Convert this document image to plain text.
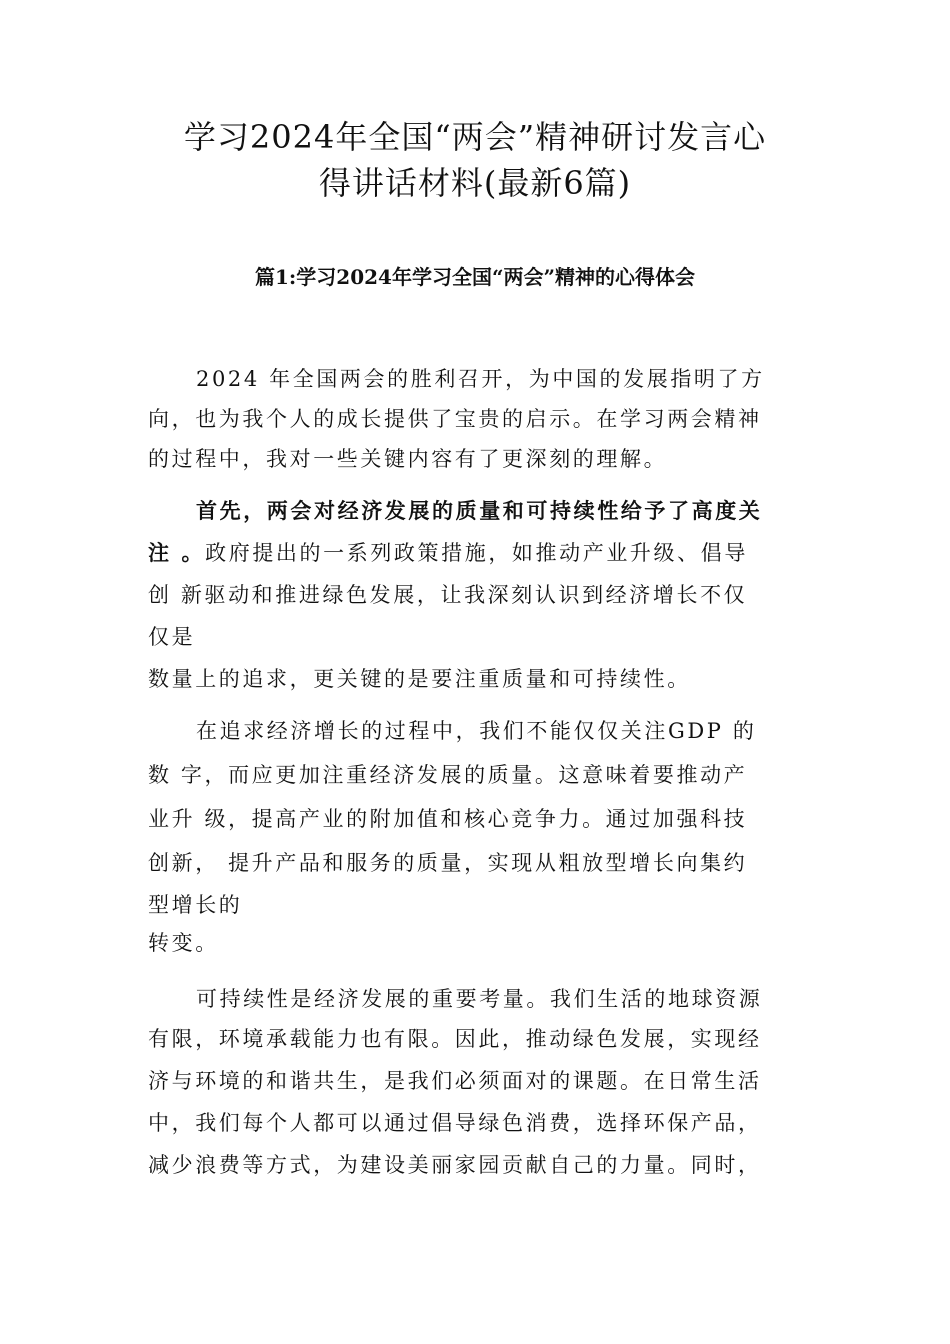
学习2024年全国“两会”精神研讨发言心
得讲话材料(最新6篇)
篇1:学习2024年学习全国“两会”精神的心得体会
2024 年全国两会的胜利召开，为中国的发展指明了方
向，也为我个人的成长提供了宝贵的启示。在学习两会精神
的过程中，我对一些关键内容有了更深刻的理解。
首先，两会对经济发展的质量和可持续性给予了高度关
注 。政府提出的一系列政策措施，如推动产业升级、倡导
创 新驱动和推进绿色发展，让我深刻认识到经济增长不仅
仅是
数量上的追求，更关键的是要注重质量和可持续性。
在追求经济增长的过程中，我们不能仅仅关注GDP 的
数 字，而应更加注重经济发展的质量。这意味着要推动产
业升 级，提高产业的附加值和核心竞争力。通过加强科技
创新， 提升产品和服务的质量，实现从粗放型增长向集约
型增长的
转变。
可持续性是经济发展的重要考量。我们生活的地球资源
有限，环境承载能力也有限。因此，推动绿色发展，实现经
济与环境的和谐共生，是我们必须面对的课题。在日常生活
中，我们每个人都可以通过倡导绿色消费，选择环保产品，
减少浪费等方式，为建设美丽家园贡献自己的力量。同时，
